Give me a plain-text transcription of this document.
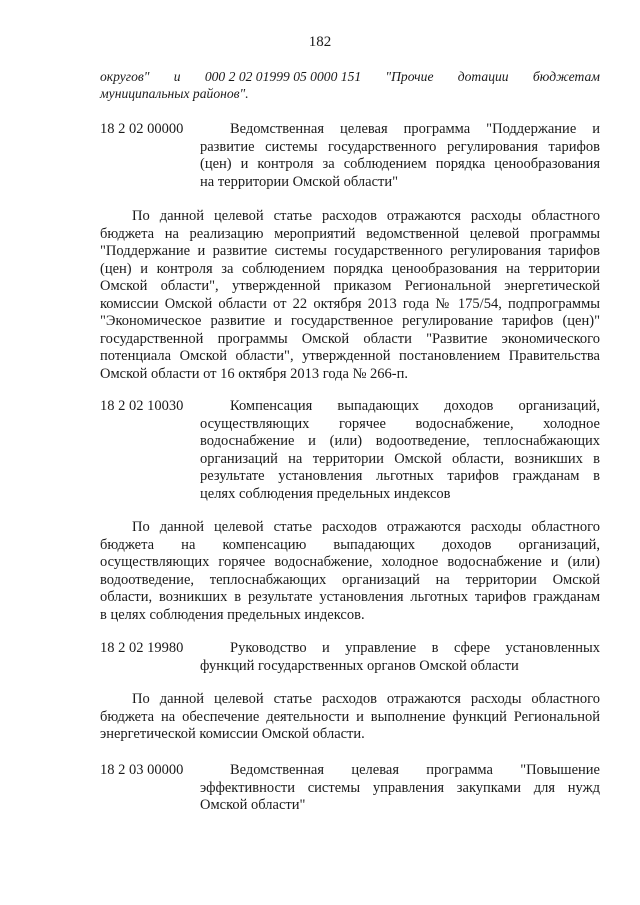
182
округов" и 000 2 02 01999 05 0000 151 "Прочие дотации бюджетам
муниципальных районов".
18 2 02 00000	Ведомственная целевая программа "Поддержание и
развитие системы государственного регулирования тарифов
(цен) и контроля за соблюдением порядка ценообразования
на территории Омской области"
По данной целевой статье расходов отражаются расходы областного
бюджета на реализацию мероприятий ведомственной целевой программы
"Поддержание и развитие системы государственного регулирования тарифов
(цен) и контроля за соблюдением порядка ценообразования на территории
Омской области", утвержденной приказом Региональной энергетической
комиссии Омской области от 22 октября 2013 года № 175/54, подпрограммы
"Экономическое развитие и государственное регулирование тарифов (цен)"
государственной программы Омской области "Развитие экономического
потенциала Омской области", утвержденной постановлением Правительства
Омской области от 16 октября 2013 года № 266-п.
18 2 02 10030	Компенсация выпадающих доходов организаций,
осуществляющих горячее водоснабжение, холодное
водоснабжение и (или) водоотведение, теплоснабжающих
организаций на территории Омской области, возникших в
результате установления льготных тарифов гражданам в
целях соблюдения предельных индексов
По данной целевой статье расходов отражаются расходы областного
бюджета на компенсацию выпадающих доходов организаций,
осуществляющих горячее водоснабжение, холодное водоснабжение и (или)
водоотведение, теплоснабжающих организаций на территории Омской
области, возникших в результате установления льготных тарифов гражданам
в целях соблюдения предельных индексов.
18 2 02 19980	Руководство и управление в сфере установленных
функций государственных органов Омской области
По данной целевой статье расходов отражаются расходы областного
бюджета на обеспечение деятельности и выполнение функций Региональной
энергетической комиссии Омской области.
18 2 03 00000	Ведомственная целевая программа "Повышение
эффективности системы управления закупками для нужд
Омской области"
